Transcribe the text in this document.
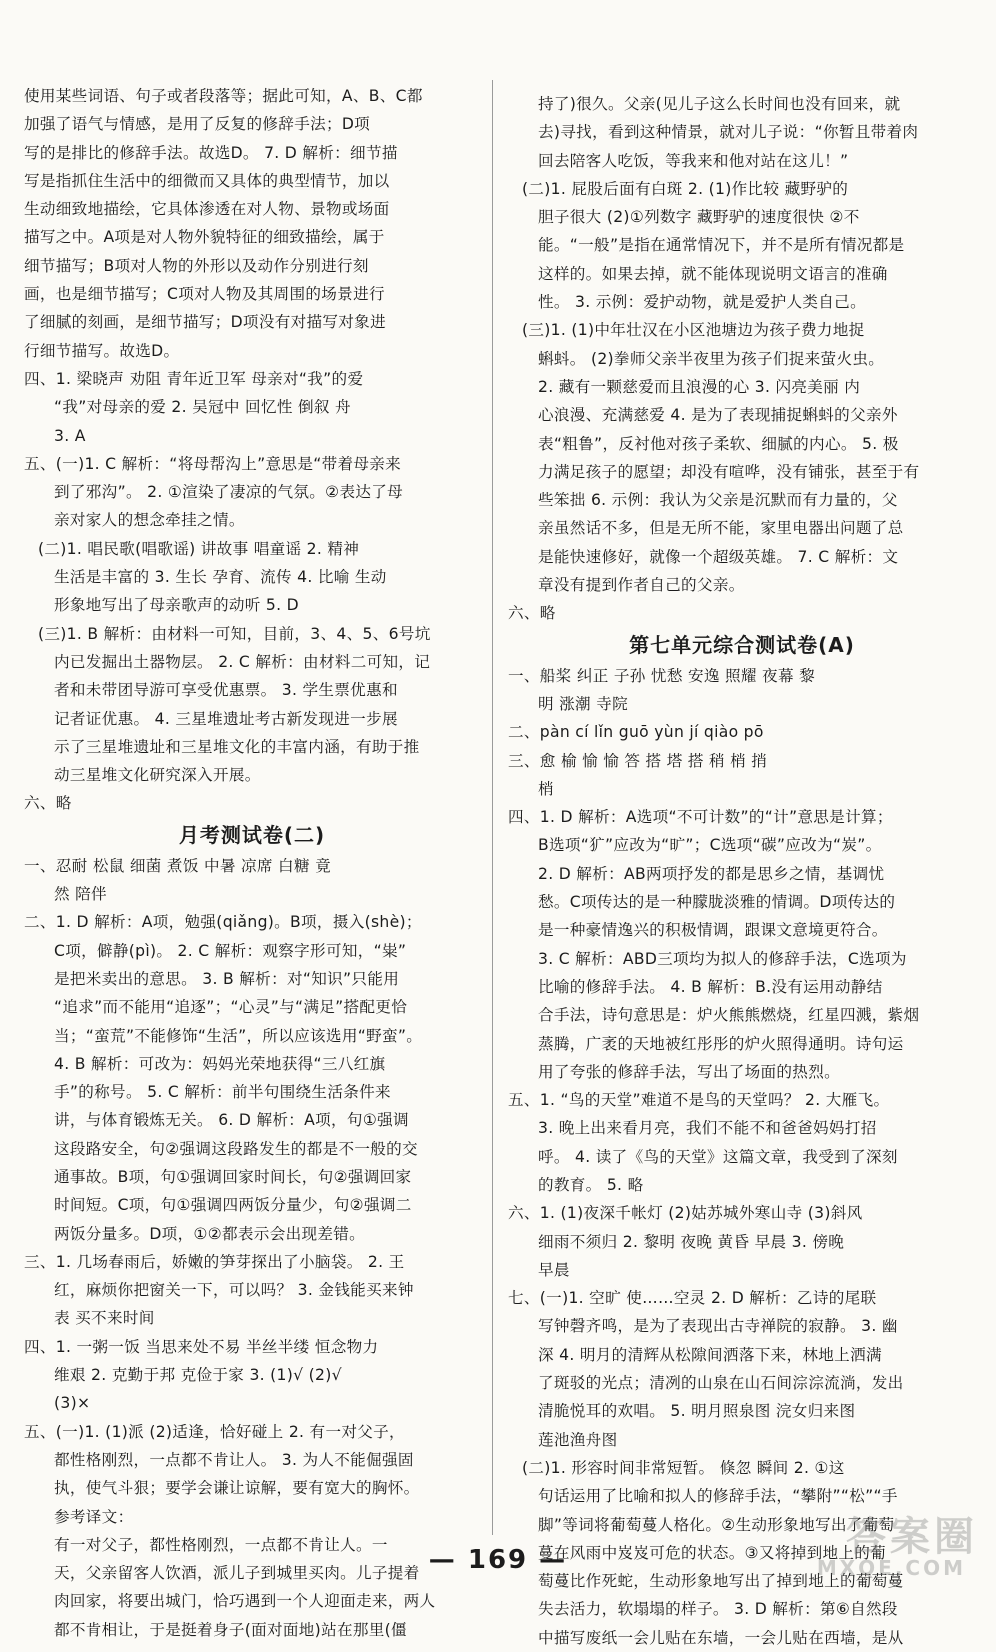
使用某些词语、句子或者段落等；据此可知，A、B、C都
加强了语气与情感，是用了反复的修辞手法；D项
写的是排比的修辞手法。故选D。 7. D 解析：细节描
写是指抓住生活中的细微而又具体的典型情节，加以
生动细致地描绘，它具体渗透在对人物、景物或场面
描写之中。A项是对人物外貌特征的细致描绘，属于
细节描写；B项对人物的外形以及动作分别进行刻
画，也是细节描写；C项对人物及其周围的场景进行
了细腻的刻画，是细节描写；D项没有对描写对象进
行细节描写。故选D。
四、1. 梁晓声 劝阻 青年近卫军 母亲对“我”的爱
“我”对母亲的爱 2. 吴冠中 回忆性 倒叙 舟
3. A
五、(一)1. C 解析：“将母帮沟上”意思是“带着母亲来
到了邪沟”。 2. ①渲染了凄凉的气氛。②表达了母
亲对家人的想念牵挂之情。
(二)1. 唱民歌(唱歌谣) 讲故事 唱童谣 2. 精神
生活是丰富的 3. 生长 孕育、流传 4. 比喻 生动
形象地写出了母亲歌声的动听 5. D
(三)1. B 解析：由材料一可知，目前，3、4、5、6号坑
内已发掘出土器物层。 2. C 解析：由材料二可知，记
者和未带团导游可享受优惠票。 3. 学生票优惠和
记者证优惠。 4. 三星堆遗址考古新发现进一步展
示了三星堆遗址和三星堆文化的丰富内涵，有助于推
动三星堆文化研究深入开展。
六、略
月考测试卷(二)
一、忍耐 松鼠 细菌 煮饭 中暑 凉席 白糖 竟
然 陪伴
二、1. D 解析：A项，勉强(qiǎng)。B项，摄入(shè)；
C项，僻静(pì)。 2. C 解析：观察字形可知，“粜”
是把米卖出的意思。 3. B 解析：对“知识”只能用
“追求”而不能用“追逐”；“心灵”与“满足”搭配更恰
当；“蛮荒”不能修饰“生活”，所以应该选用“野蛮”。
4. B 解析：可改为：妈妈光荣地获得“三八红旗
手”的称号。 5. C 解析：前半句围绕生活条件来
讲，与体育锻炼无关。 6. D 解析：A项，句①强调
这段路安全，句②强调这段路发生的都是不一般的交
通事故。B项，句①强调回家时间长，句②强调回家
时间短。C项，句①强调四两饭分量少，句②强调二
两饭分量多。D项，①②都表示会出现差错。
三、1. 几场春雨后，娇嫩的笋芽探出了小脑袋。 2. 王
红，麻烦你把窗关一下，可以吗？ 3. 金钱能买来钟
表 买不来时间
四、1. 一粥一饭 当思来处不易 半丝半缕 恒念物力
维艰 2. 克勤于邦 克俭于家 3. (1)√ (2)√
(3)×
五、(一)1. (1)派 (2)适逢，恰好碰上 2. 有一对父子，
都性格刚烈，一点都不肯让人。 3. 为人不能倔强固
执，使气斗狠；要学会谦让谅解，要有宽大的胸怀。
参考译文：
有一对父子，都性格刚烈，一点都不肯让人。一
天，父亲留客人饮酒，派儿子到城里买肉。儿子提着
肉回家，将要出城门，恰巧遇到一个人迎面走来，两人
都不肯相让，于是挺着身子(面对面地)站在那里(僵
持了)很久。父亲(见儿子这么长时间也没有回来，就
去)寻找，看到这种情景，就对儿子说：“你暂且带着肉
回去陪客人吃饭，等我来和他对站在这儿！”
(二)1. 屁股后面有白斑 2. (1)作比较 藏野驴的
胆子很大 (2)①列数字 藏野驴的速度很快 ②不
能。“一般”是指在通常情况下，并不是所有情况都是
这样的。如果去掉，就不能体现说明文语言的准确
性。 3. 示例：爱护动物，就是爱护人类自己。
(三)1. (1)中年壮汉在小区池塘边为孩子费力地捉
蝌蚪。 (2)拳师父亲半夜里为孩子们捉来萤火虫。
2. 藏有一颗慈爱而且浪漫的心 3. 闪亮美丽 内
心浪漫、充满慈爱 4. 是为了表现捕捉蝌蚪的父亲外
表“粗鲁”，反衬他对孩子柔软、细腻的内心。 5. 极
力满足孩子的愿望；却没有喧哗，没有铺张，甚至于有
些笨拙 6. 示例：我认为父亲是沉默而有力量的，父
亲虽然话不多，但是无所不能，家里电器出问题了总
是能快速修好，就像一个超级英雄。 7. C 解析：文
章没有提到作者自己的父亲。
六、略
第七单元综合测试卷(A)
一、船桨 纠正 子孙 忧愁 安逸 照耀 夜幕 黎
明 涨潮 寺院
二、pàn cí lǐn guō yùn jí qiào pō
三、愈 榆 愉 愉 答 搭 塔 搭 稍 梢 捎
梢
四、1. D 解析：A选项“不可计数”的“计”意思是计算；
B选项“犷”应改为“旷”；C选项“碳”应改为“炭”。
2. D 解析：AB两项抒发的都是思乡之情，基调忧
愁。C项传达的是一种朦胧淡雅的情调。D项传达的
是一种豪情逸兴的积极情调，跟课文意境更符合。
3. C 解析：ABD三项均为拟人的修辞手法，C选项为
比喻的修辞手法。 4. B 解析：B.没有运用动静结
合手法，诗句意思是：炉火熊熊燃烧，红星四溅，紫烟
蒸腾，广袤的天地被红彤彤的炉火照得通明。诗句运
用了夸张的修辞手法，写出了场面的热烈。
五、1. “鸟的天堂”难道不是鸟的天堂吗？ 2. 大雁飞。
3. 晚上出来看月亮，我们不能不和爸爸妈妈打招
呼。 4. 读了《鸟的天堂》这篇文章，我受到了深刻
的教育。 5. 略
六、1. (1)夜深千帐灯 (2)姑苏城外寒山寺 (3)斜风
细雨不须归 2. 黎明 夜晚 黄昏 早晨 3. 傍晚
早晨
七、(一)1. 空旷 使……空灵 2. D 解析：乙诗的尾联
写钟磬齐鸣，是为了表现出古寺禅院的寂静。 3. 幽
深 4. 明月的清辉从松隙间洒落下来，林地上洒满
了斑驳的光点；清冽的山泉在山石间淙淙流淌，发出
清脆悦耳的欢唱。 5. 明月照泉图 浣女归来图
莲池渔舟图
(二)1. 形容时间非常短暂。 倏忽 瞬间 2. ①这
句话运用了比喻和拟人的修辞手法，“攀附”“松”“手
脚”等词将葡萄蔓人格化。②生动形象地写出了葡萄
蔓在风雨中岌岌可危的状态。③又将掉到地上的葡
萄蔓比作死蛇，生动形象地写出了掉到地上的葡萄蔓
失去活力，软塌塌的样子。 3. D 解析：第⑥自然段
中描写废纸一会儿贴在东墙，一会儿贴在西墙，是从
— 169 —	答案圈
MXQE.COM
